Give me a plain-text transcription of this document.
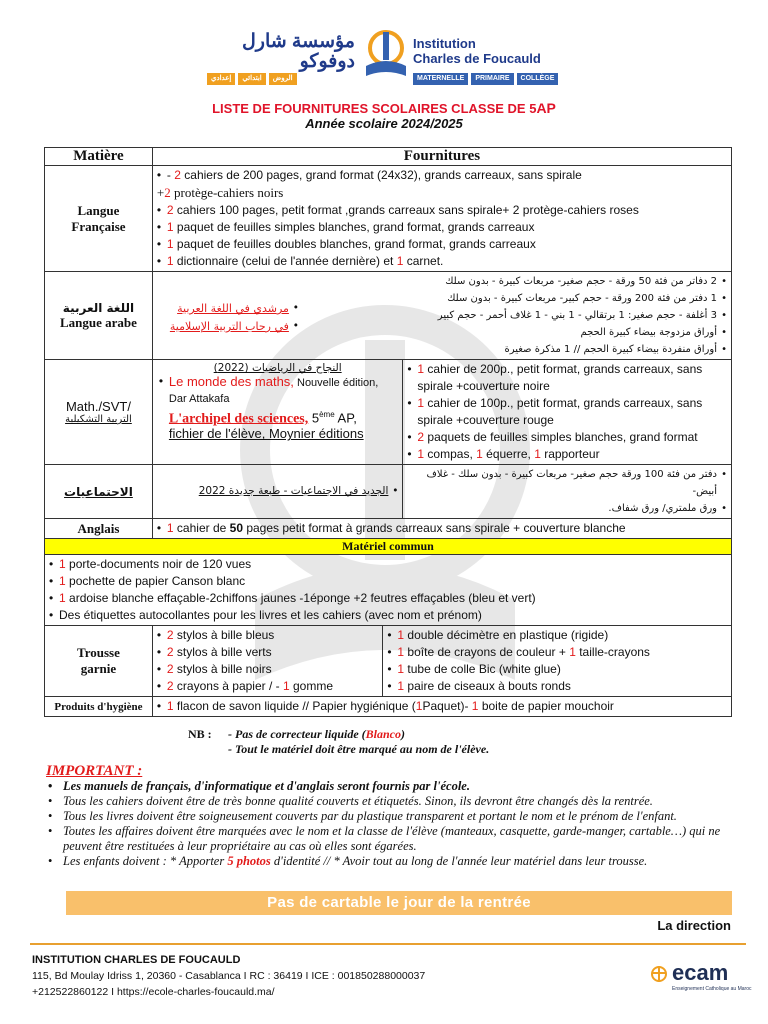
مؤسسة شارل دوفوكو
Institution
Charles de Foucauld
إعدادي	ابتدائي	الروض	MATERNELLE	PRIMAIRE	COLLÈGE
LISTE DE FOURNITURES SCOLAIRES CLASSE DE 5AP
Année scolaire 2024/2025
Matière	Fournitures

Langue
Française

• - 2 cahiers de 200 pages, grand format (24x32), grands carreaux, sans spirale
+2 protège-cahiers noirs
• 2 cahiers 100 pages, petit format ,grands carreaux sans spirale+ 2 protège-cahiers roses
• 1 paquet de feuilles simples blanches, grand format, grands carreaux
• 1 paquet de feuilles doubles blanches, grand format, grands carreaux
• 1 dictionnaire (celui de l'année dernière) et 1 carnet.

اللغة العربية
Langue arabe

• مرشدي في اللغة العربية
• في رحاب التربية الإسلامية

• 2 دفاتر من فئة 50 ورقة - حجم صغير- مربعات كبيرة - بدون سلك
• 1 دفتر من فئة 200 ورقة - حجم كبير- مربعات كبيرة - بدون سلك
• 3 أغلفة - حجم صغير: 1 برتقالي - 1 بني - 1 غلاف أحمر - حجم كبير
• أوراق مزدوجة بيضاء كبيرة الحجم
• أوراق منفردة بيضاء كبيرة الحجم // 1 مذكرة صغيرة

Math./SVT/
التربية التشكيلية

النجاح في الرياضيات (2022)
• Le monde des maths, Nouvelle édition, Dar Attakafa
L'archipel des sciences, 5ème AP,
fichier de l'élève, Moynier éditions

• 1 cahier de 200p., petit format, grands carreaux, sans spirale +couverture noire
• 1 cahier de 100p., petit format, grands carreaux, sans spirale +couverture rouge
• 2 paquets de feuilles simples blanches, grand format
• 1 compas, 1 équerre, 1 rapporteur

الاجتماعيات

•	الجديد في الاجتماعيات - طبعة جديدة 2022

• دفتر من فئة 100 ورقة حجم صغير- مربعات كبيرة - بدون سلك - غلاف أبيض-
• ورق ملمتري/ ورق شفاف.

Anglais	
•1 cahier de 50 pages petit format à grands carreaux sans spirale + couverture blanche

Matériel commun

• 1 porte-documents noir de 120 vues
• 1 pochette de papier Canson blanc
• 1 ardoise blanche effaçable-2chiffons jaunes -1éponge +2 feutres effaçables (bleu et vert)
• Des étiquettes autocollantes pour les livres et les cahiers (avec nom et prénom)

Trousse
garnie

• 2 stylos à bille bleus
• 2 stylos à bille verts
• 2 stylos à bille noirs
• 2 crayons à papier / - 1 gomme

• 1 double décimètre en plastique (rigide)
• 1 boîte de crayons de couleur + 1 taille-crayons
• 1 tube de colle Bic (white glue)
• 1 paire de ciseaux à bouts ronds

Produits d'hygiène	
•1 flacon de savon liquide // Papier hygiénique (1Paquet)- 1 boite de papier mouchoir
NB : - Pas de correcteur liquide (Blanco)
- Tout le matériel doit être marqué au nom de l'élève.
IMPORTANT :
• Les manuels de français, d'informatique et d'anglais seront fournis par l'école.
• Tous les cahiers doivent être de très bonne qualité couverts et étiquetés. Sinon, ils devront être changés dès la rentrée.
• Tous les livres doivent être soigneusement couverts par du plastique transparent et portant le nom et le prénom de l'enfant.
• Toutes les affaires doivent être marquées avec le nom et la classe de l'élève (manteaux, casquette, garde-manger, cartable…) qui ne peuvent être restituées à leur propriétaire au cas où elles sont égarées.
• Les enfants doivent : * Apporter 5 photos d'identité // * Avoir tout au long de l'année leur matériel dans leur trousse.
Pas de cartable le jour de la rentrée
La direction
INSTITUTION CHARLES DE FOUCAULD
115, Bd Moulay Idriss 1, 20360 - Casablanca I RC : 36419 I ICE : 001850288000037
+212522860122 I https://ecole-charles-foucauld.ma/
ecam
Enseignement Catholique au Maroc
